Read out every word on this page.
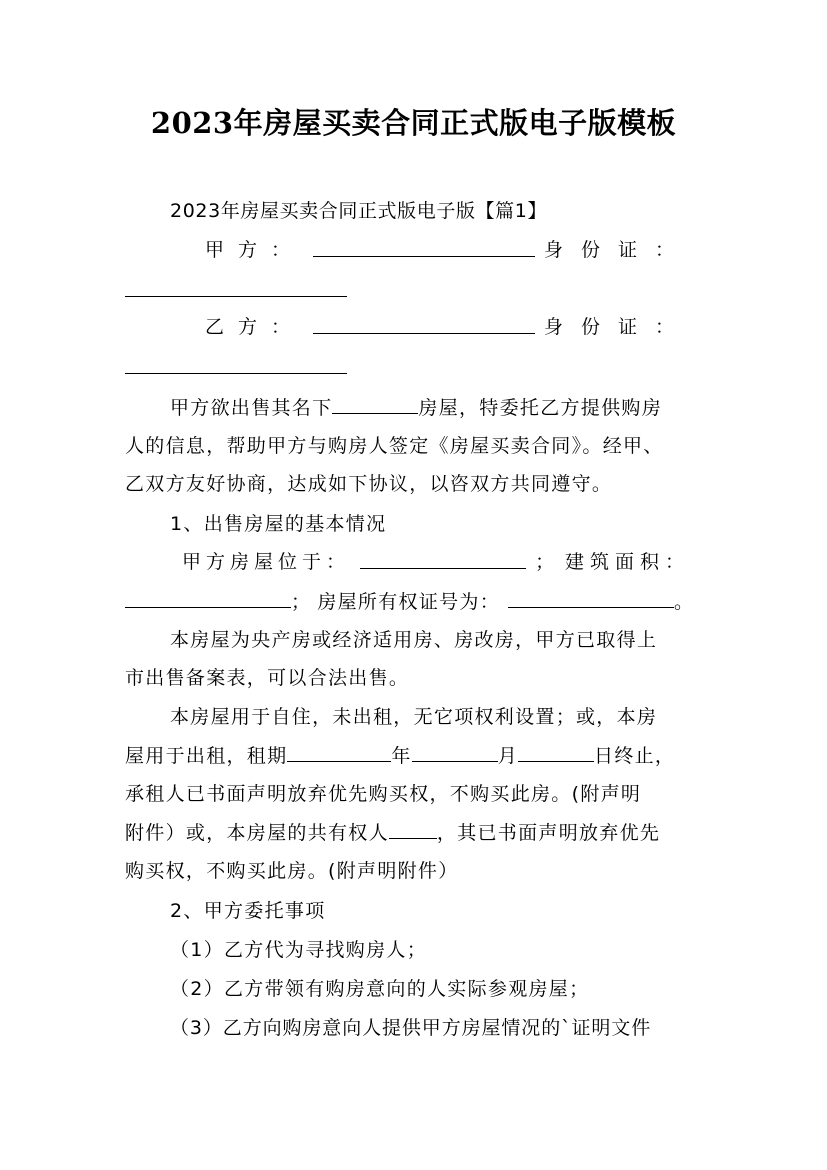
2023年房屋买卖合同正式版电子版模板
2023年房屋买卖合同正式版电子版【篇1】
甲方：	身份证：
乙方：	身份证：
甲方欲出售其名下	房屋，特委托乙方提供购房
人的信息，帮助甲方与购房人签定《房屋买卖合同》。经甲、
乙双方友好协商，达成如下协议，以咨双方共同遵守。
1、出售房屋的基本情况
甲方房屋位于：	； 建筑面积：
； 房屋所有权证号为：	。
本房屋为央产房或经济适用房、房改房，甲方已取得上
市出售备案表，可以合法出售。
本房屋用于自住，未出租，无它项权利设置；或，本房
屋用于出租，租期	年	月	日终止，
承租人已书面声明放弃优先购买权，不购买此房。(附声明
附件）或，本房屋的共有权人	，其已书面声明放弃优先
购买权，不购买此房。(附声明附件）
2、甲方委托事项
（1）乙方代为寻找购房人；
（2）乙方带领有购房意向的人实际参观房屋；
（3）乙方向购房意向人提供甲方房屋情况的`证明文件
